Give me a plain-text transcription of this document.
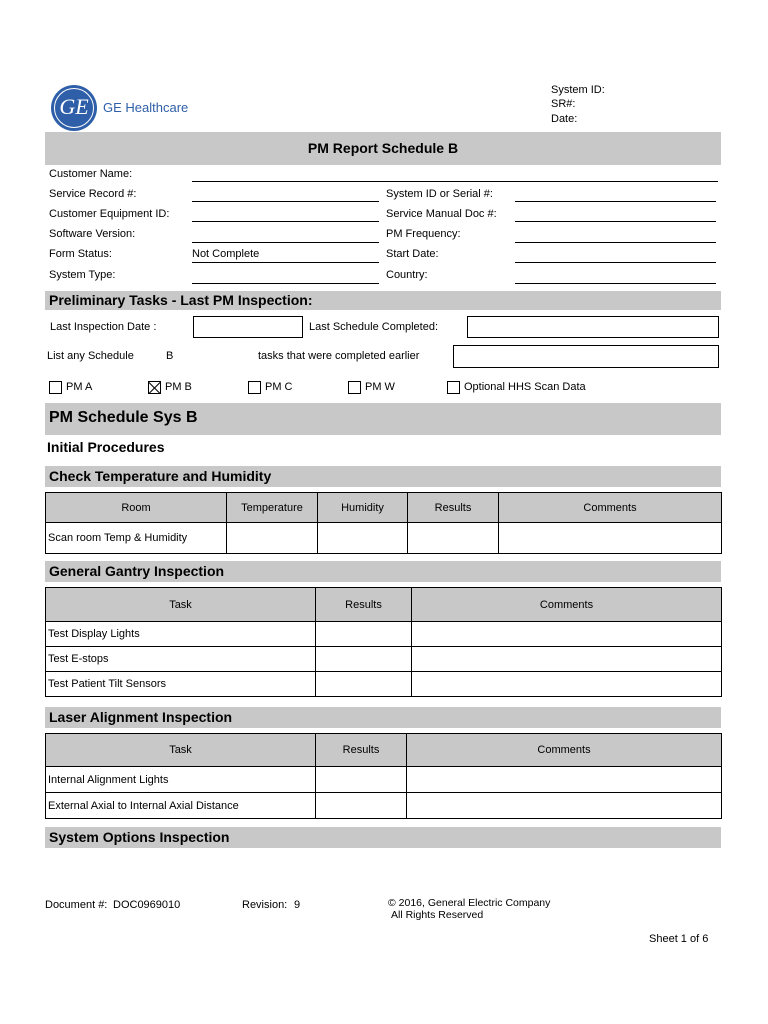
GE	GE Healthcare
System ID:
SR#:
Date:
PM Report Schedule B
Customer Name:
Service Record #:	System ID or Serial #:
Customer Equipment ID:	Service Manual Doc #:
Software Version:	PM Frequency:
Form Status:	Not Complete	Start Date:
System Type:	Country:
Preliminary Tasks - Last PM Inspection:
Last Inspection Date :	Last Schedule Completed:
List any Schedule	B	tasks that were completed earlier
PM A	PM B	PM C	PM W	Optional HHS Scan Data
PM Schedule Sys B
Initial Procedures
Check Temperature and Humidity
Room	Temperature	Humidity	Results	Comments
Scan room Temp & Humidity				
General Gantry Inspection
Task	Results	Comments
Test Display Lights		
Test E-stops		
Test Patient Tilt Sensors		
Laser Alignment Inspection
Task	Results	Comments
Internal Alignment Lights		
External Axial to Internal Axial Distance		
System Options Inspection
Document #: DOC0969010	Revision: 9	© 2016, General Electric Company
All Rights Reserved
Sheet 1 of 6
